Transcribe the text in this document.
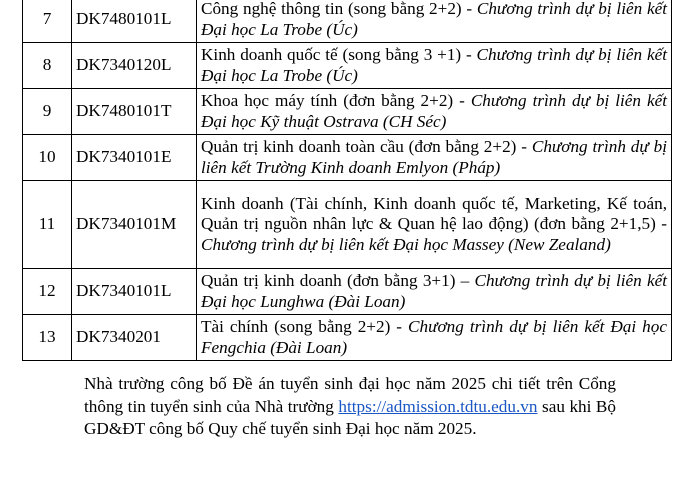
7	DK7480101L	Công nghệ thông tin (song bằng 2+2) - Chương trình dự bị liên kết Đại học La Trobe (Úc)
8	DK7340120L	Kinh doanh quốc tế (song bằng 3 +1) - Chương trình dự bị liên kết Đại học La Trobe (Úc)
9	DK7480101T	Khoa học máy tính (đơn bằng 2+2) - Chương trình dự bị liên kết Đại học Kỹ thuật Ostrava (CH Séc)
10	DK7340101E	Quản trị kinh doanh toàn cầu (đơn bằng 2+2) - Chương trình dự bị liên kết Trường Kinh doanh Emlyon (Pháp)
11	DK7340101M	Kinh doanh (Tài chính, Kinh doanh quốc tế, Marketing, Kế toán, Quản trị nguồn nhân lực & Quan hệ lao động) (đơn bằng 2+1,5) - Chương trình dự bị liên kết Đại học Massey (New Zealand)
12	DK7340101L	Quản trị kinh doanh (đơn bằng 3+1) – Chương trình dự bị liên kết Đại học Lunghwa (Đài Loan)
13	DK7340201	Tài chính (song bằng 2+2) - Chương trình dự bị liên kết Đại học Fengchia (Đài Loan)

Nhà trường công bố Đề án tuyển sinh đại học năm 2025 chi tiết trên Cổng thông tin tuyển sinh của Nhà trường https://admission.tdtu.edu.vn sau khi Bộ GD&ĐT công bố Quy chế tuyển sinh Đại học năm 2025.
